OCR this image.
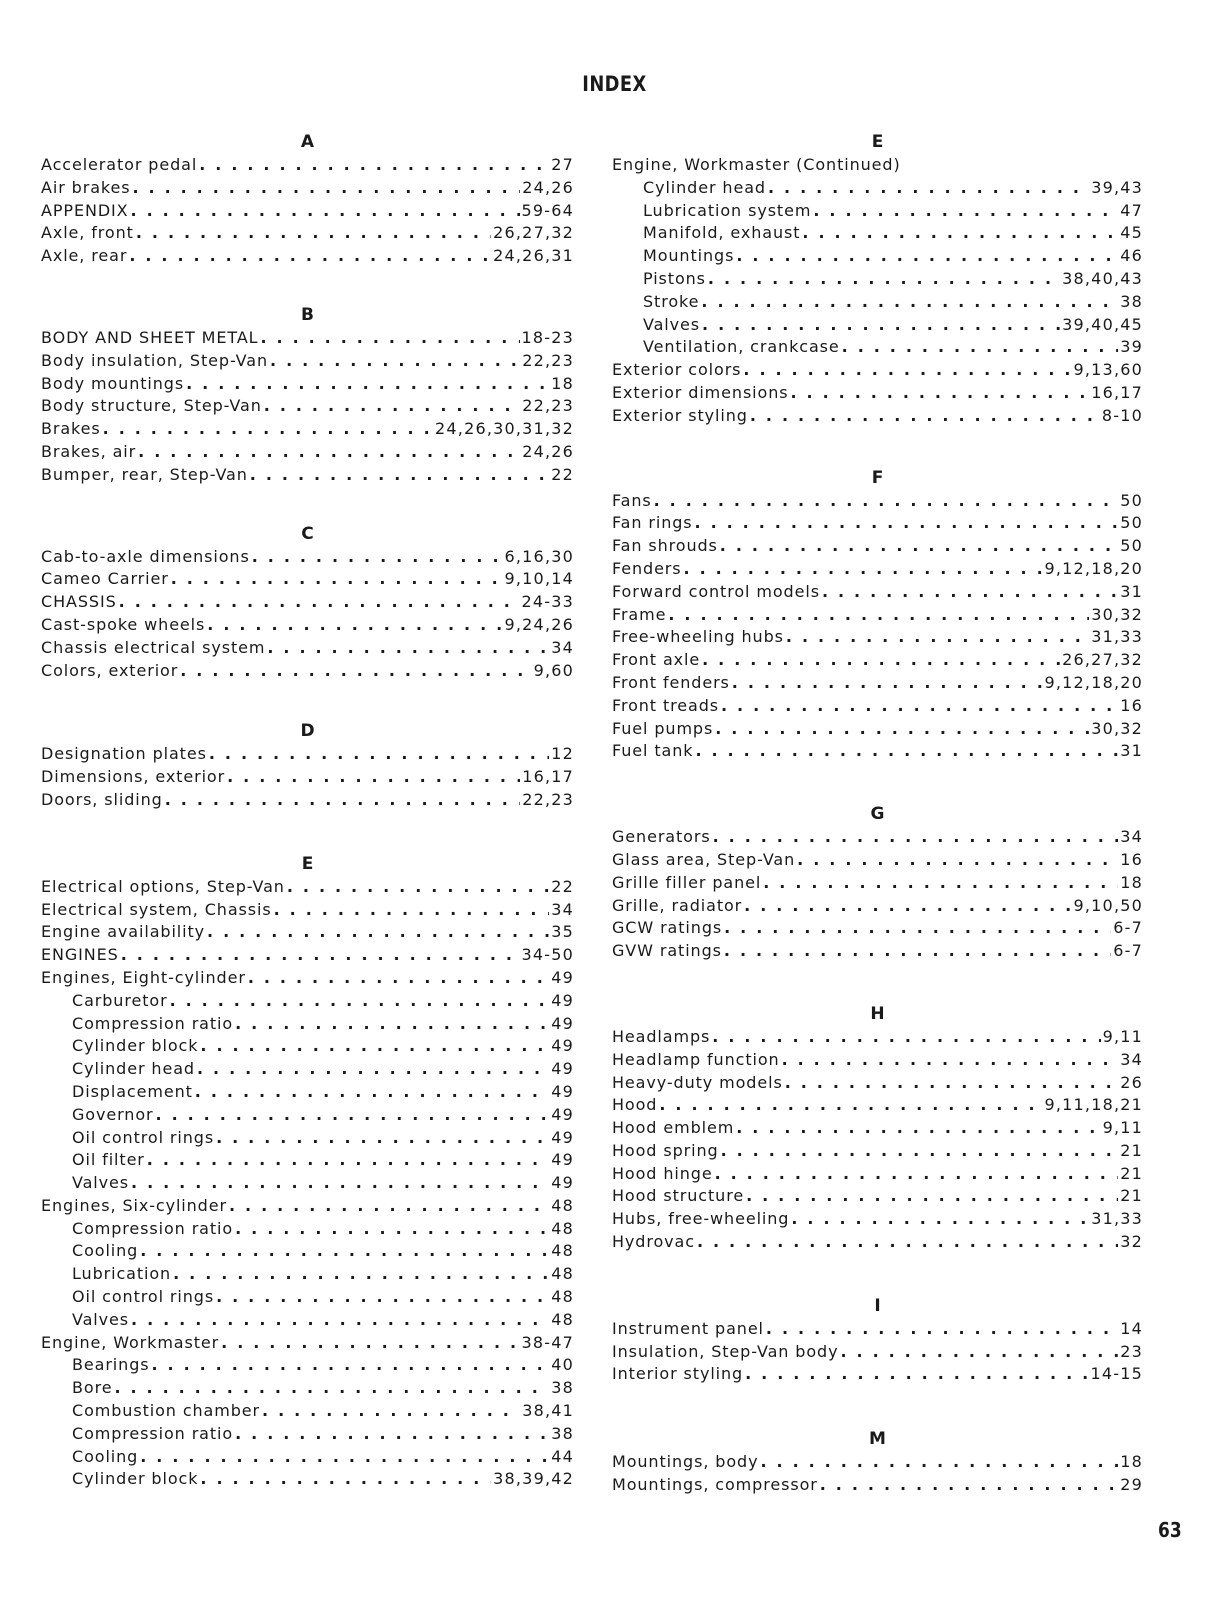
INDEX
A
Accelerator pedal . . .	27
Air brakes . . .	24,26
APPENDIX . . .	59-64
Axle, front . . .	26,27,32
Axle, rear . . .	24,26,31
B
BODY AND SHEET METAL . . .	18-23
Body insulation, Step-Van . . .	22,23
Body mountings . . .	18
Body structure, Step-Van . . .	22,23
Brakes . . .	24,26,30,31,32
Brakes, air . . .	24,26
Bumper, rear, Step-Van . . .	22
C
Cab-to-axle dimensions . . .	6,16,30
Cameo Carrier . . .	9,10,14
CHASSIS . . .	24-33
Cast-spoke wheels . . .	9,24,26
Chassis electrical system . . .	34
Colors, exterior . . .	9,60
D
Designation plates . . .	12
Dimensions, exterior . . .	16,17
Doors, sliding . . .	22,23
E
Electrical options, Step-Van . . .	22
Electrical system, Chassis . . .	34
Engine availability . . .	35
ENGINES . . .	34-50
Engines, Eight-cylinder . . .	49
Carburetor . . .	49
Compression ratio . . .	49
Cylinder block . . .	49
Cylinder head . . .	49
Displacement . . .	49
Governor . . .	49
Oil control rings . . .	49
Oil filter . . .	49
Valves . . .	49
Engines, Six-cylinder . . .	48
Compression ratio . . .	48
Cooling . . .	48
Lubrication . . .	48
Oil control rings . . .	48
Valves . . .	48
Engine, Workmaster . . .	38-47
Bearings . . .	40
Bore . . .	38
Combustion chamber . . .	38,41
Compression ratio . . .	38
Cooling . . .	44
Cylinder block . . .	38,39,42
E
Engine, Workmaster (Continued)
Cylinder head . . .	39,43
Lubrication system . . .	47
Manifold, exhaust . . .	45
Mountings . . .	46
Pistons . . .	38,40,43
Stroke . . .	38
Valves . . .	39,40,45
Ventilation, crankcase . . .	39
Exterior colors . . .	9,13,60
Exterior dimensions . . .	16,17
Exterior styling . . .	8-10
F
Fans . . .	50
Fan rings . . .	50
Fan shrouds . . .	50
Fenders . . .	9,12,18,20
Forward control models . . .	31
Frame . . .	30,32
Free-wheeling hubs . . .	31,33
Front axle . . .	26,27,32
Front fenders . . .	9,12,18,20
Front treads . . .	16
Fuel pumps . . .	30,32
Fuel tank . . .	31
G
Generators . . .	34
Glass area, Step-Van . . .	16
Grille filler panel . . .	18
Grille, radiator . . .	9,10,50
GCW ratings . . .	6-7
GVW ratings . . .	6-7
H
Headlamps . . .	9,11
Headlamp function . . .	34
Heavy-duty models . . .	26
Hood . . .	9,11,18,21
Hood emblem . . .	9,11
Hood spring . . .	21
Hood hinge . . .	21
Hood structure . . .	21
Hubs, free-wheeling . . .	31,33
Hydrovac . . .	32
I
Instrument panel . . .	14
Insulation, Step-Van body . . .	23
Interior styling . . .	14-15
M
Mountings, body . . .	18
Mountings, compressor . . .	29
63
